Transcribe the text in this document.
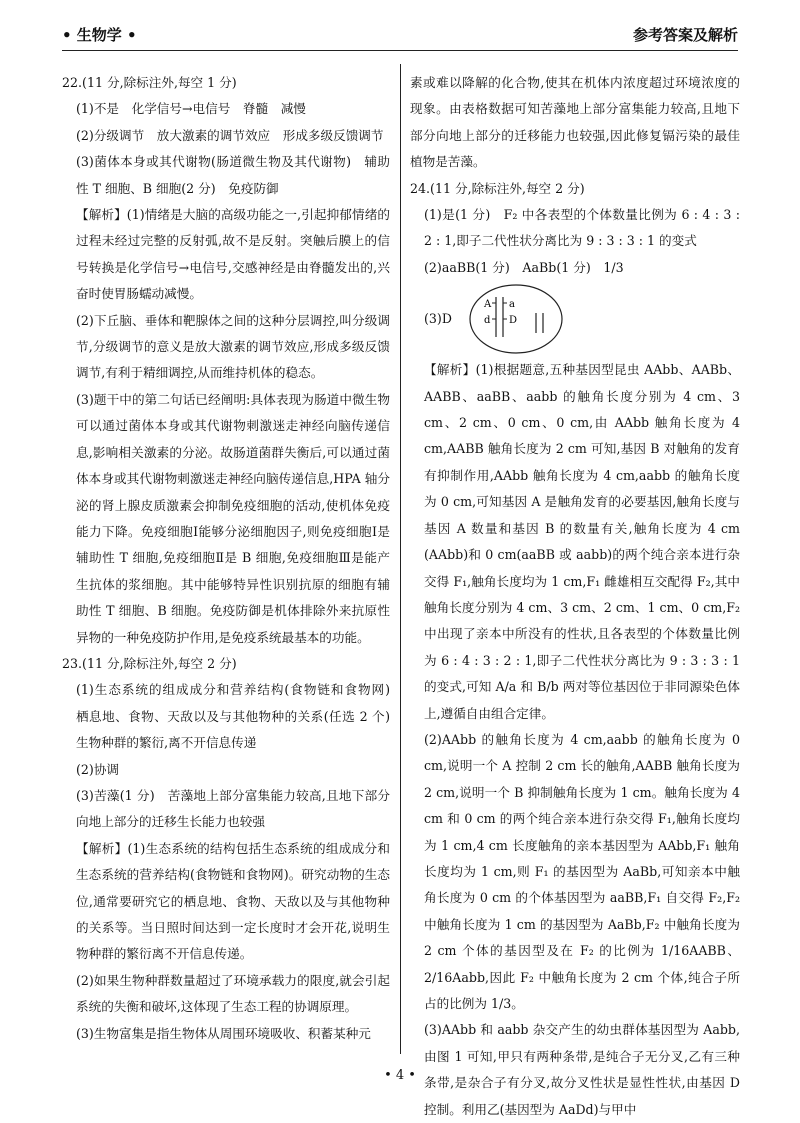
• 生物学 •	参考答案及解析

22.(11 分,除标注外,每空 1 分)

(1)不是　化学信号→电信号　脊髓　减慢

(2)分级调节　放大激素的调节效应　形成多级反馈调节

(3)菌体本身或其代谢物(肠道微生物及其代谢物)　辅助性 T 细胞、B 细胞(2 分)　免疫防御

【解析】(1)情绪是大脑的高级功能之一,引起抑郁情绪的过程未经过完整的反射弧,故不是反射。突触后膜上的信号转换是化学信号→电信号,交感神经是由脊髓发出的,兴奋时使胃肠蠕动减慢。

(2)下丘脑、垂体和靶腺体之间的这种分层调控,叫分级调节,分级调节的意义是放大激素的调节效应,形成多级反馈调节,有利于精细调控,从而维持机体的稳态。

(3)题干中的第二句话已经阐明:具体表现为肠道中微生物可以通过菌体本身或其代谢物刺激迷走神经向脑传递信息,影响相关激素的分泌。故肠道菌群失衡后,可以通过菌体本身或其代谢物刺激迷走神经向脑传递信息,HPA 轴分泌的肾上腺皮质激素会抑制免疫细胞的活动,使机体免疫能力下降。免疫细胞Ⅰ能够分泌细胞因子,则免疫细胞Ⅰ是辅助性 T 细胞,免疫细胞Ⅱ是 B 细胞,免疫细胞Ⅲ是能产生抗体的浆细胞。其中能够特异性识别抗原的细胞有辅助性 T 细胞、B 细胞。免疫防御是机体排除外来抗原性异物的一种免疫防护作用,是免疫系统最基本的功能。

23.(11 分,除标注外,每空 2 分)

(1)生态系统的组成成分和营养结构(食物链和食物网)　栖息地、食物、天敌以及与其他物种的关系(任选 2 个)　生物种群的繁衍,离不开信息传递

(2)协调

(3)苦藻(1 分)　苦藻地上部分富集能力较高,且地下部分向地上部分的迁移生长能力也较强

【解析】(1)生态系统的结构包括生态系统的组成成分和生态系统的营养结构(食物链和食物网)。研究动物的生态位,通常要研究它的栖息地、食物、天敌以及与其他物种的关系等。当日照时间达到一定长度时才会开花,说明生物种群的繁衍离不开信息传递。

(2)如果生物种群数量超过了环境承载力的限度,就会引起系统的失衡和破坏,这体现了生态工程的协调原理。

(3)生物富集是指生物体从周围环境吸收、积蓄某种元

素或难以降解的化合物,使其在机体内浓度超过环境浓度的现象。由表格数据可知苦藻地上部分富集能力较高,且地下部分向地上部分的迁移能力也较强,因此修复镉污染的最佳植物是苦藻。

24.(11 分,除标注外,每空 2 分)

(1)是(1 分)　F₂ 中各表型的个体数量比例为 6 : 4 : 3 : 2 : 1,即子二代性状分离比为 9 : 3 : 3 : 1 的变式

(2)aaBB(1 分)　AaBb(1 分)　1/3

(3)D
A
d
a
D

【解析】(1)根据题意,五种基因型昆虫 AAbb、AABb、AABB、aaBB、aabb 的触角长度分别为 4 cm、3 cm、2 cm、0 cm、0 cm,由 AAbb 触角长度为 4 cm,AABB 触角长度为 2 cm 可知,基因 B 对触角的发育有抑制作用,AAbb 触角长度为 4 cm,aabb 的触角长度为 0 cm,可知基因 A 是触角发育的必要基因,触角长度与基因 A 数量和基因 B 的数量有关,触角长度为 4 cm (AAbb)和 0 cm(aaBB 或 aabb)的两个纯合亲本进行杂交得 F₁,触角长度均为 1 cm,F₁ 雌雄相互交配得 F₂,其中触角长度分别为 4 cm、3 cm、2 cm、1 cm、0 cm,F₂ 中出现了亲本中所没有的性状,且各表型的个体数量比例为 6 : 4 : 3 : 2 : 1,即子二代性状分离比为 9 : 3 : 3 : 1 的变式,可知 A/a 和 B/b 两对等位基因位于非同源染色体上,遵循自由组合定律。

(2)AAbb 的触角长度为 4 cm,aabb 的触角长度为 0 cm,说明一个 A 控制 2 cm 长的触角,AABB 触角长度为 2 cm,说明一个 B 抑制触角长度为 1 cm。触角长度为 4 cm 和 0 cm 的两个纯合亲本进行杂交得 F₁,触角长度均为 1 cm,4 cm 长度触角的亲本基因型为 AAbb,F₁ 触角长度均为 1 cm,则 F₁ 的基因型为 AaBb,可知亲本中触角长度为 0 cm 的个体基因型为 aaBB,F₁ 自交得 F₂,F₂ 中触角长度为 1 cm 的基因型为 AaBb,F₂ 中触角长度为 2 cm 个体的基因型及在 F₂ 的比例为 1/16AABB、2/16Aabb,因此 F₂ 中触角长度为 2 cm 个体,纯合子所占的比例为 1/3。

(3)AAbb 和 aabb 杂交产生的幼虫群体基因型为 Aabb,由图 1 可知,甲只有两种条带,是纯合子无分叉,乙有三种条带,是杂合子有分叉,故分叉性状是显性性状,由基因 D 控制。利用乙(基因型为 AaDd)与甲中

• 4 •
